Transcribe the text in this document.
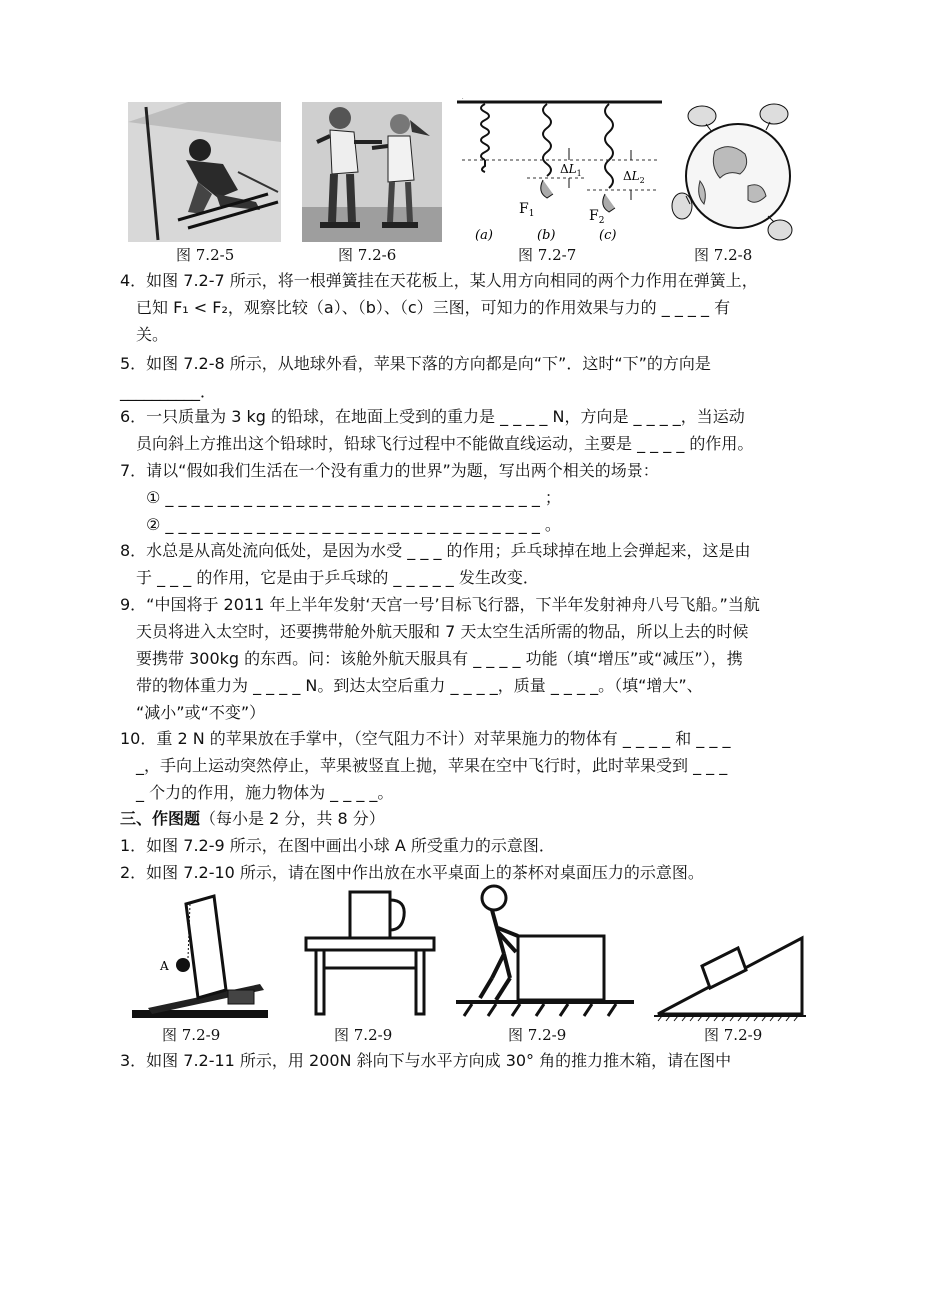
$\Delta L_1$	$\Delta L_2$
$F_1$	$F_2$
(a)	(b)	(c)
图 7.2-5	图 7.2-6	图 7.2-7	图 7.2-8
4．如图 7.2-7 所示，将一根弹簧挂在天花板上，某人用方向相同的两个力作用在弹簧上，
已知 F₁ < F₂，观察比较（a）、（b）、（c）三图，可知力的作用效果与力的 _ _ _ _ 有
关。
5．如图 7.2-8 所示，从地球外看，苹果下落的方向都是向“下”．这时“下”的方向是
__________．
6．一只质量为 3 kg 的铅球，在地面上受到的重力是 _ _ _ _ N，方向是 _ _ _ _，当运动
员向斜上方推出这个铅球时，铅球飞行过程中不能做直线运动，主要是 _ _ _ _ 的作用。
7．请以“假如我们生活在一个没有重力的世界”为题，写出两个相关的场景：
① _ _ _ _ _ _ _ _ _ _ _ _ _ _ _ _ _ _ _ _ _ _ _ _ _ _ _ _ _ ；
② _ _ _ _ _ _ _ _ _ _ _ _ _ _ _ _ _ _ _ _ _ _ _ _ _ _ _ _ _ 。
8．水总是从高处流向低处，是因为水受 _ _ _ 的作用；乒乓球掉在地上会弹起来，这是由
于 _ _ _ 的作用，它是由于乒乓球的 _ _ _ _ _ 发生改变．
9．“中国将于 2011 年上半年发射‘天宫一号’目标飞行器，下半年发射神舟八号飞船。”当航
天员将进入太空时，还要携带舱外航天服和 7 天太空生活所需的物品，所以上去的时候
要携带 300kg 的东西。问：该舱外航天服具有 _ _ _ _ 功能（填“增压”或“减压”），携
带的物体重力为 _ _ _ _ N。到达太空后重力 _ _ _ _，质量 _ _ _ _。（填“增大”、
“减小”或“不变”）
10．重 2 N 的苹果放在手掌中，（空气阻力不计）对苹果施力的物体有 _ _ _ _ 和 _ _ _
_，手向上运动突然停止，苹果被竖直上抛，苹果在空中飞行时，此时苹果受到 _ _ _
_ 个力的作用，施力物体为 _ _ _ _。
三、作图题（每小是 2 分，共 8 分）
1．如图 7.2-9 所示，在图中画出小球 A 所受重力的示意图．
2．如图 7.2-10 所示，请在图中作出放在水平桌面上的茶杯对桌面压力的示意图。
A
图 7.2-9	图 7.2-9	图 7.2-9	图 7.2-9
3．如图 7.2-11 所示，用 200N 斜向下与水平方向成 30° 角的推力推木箱，请在图中
